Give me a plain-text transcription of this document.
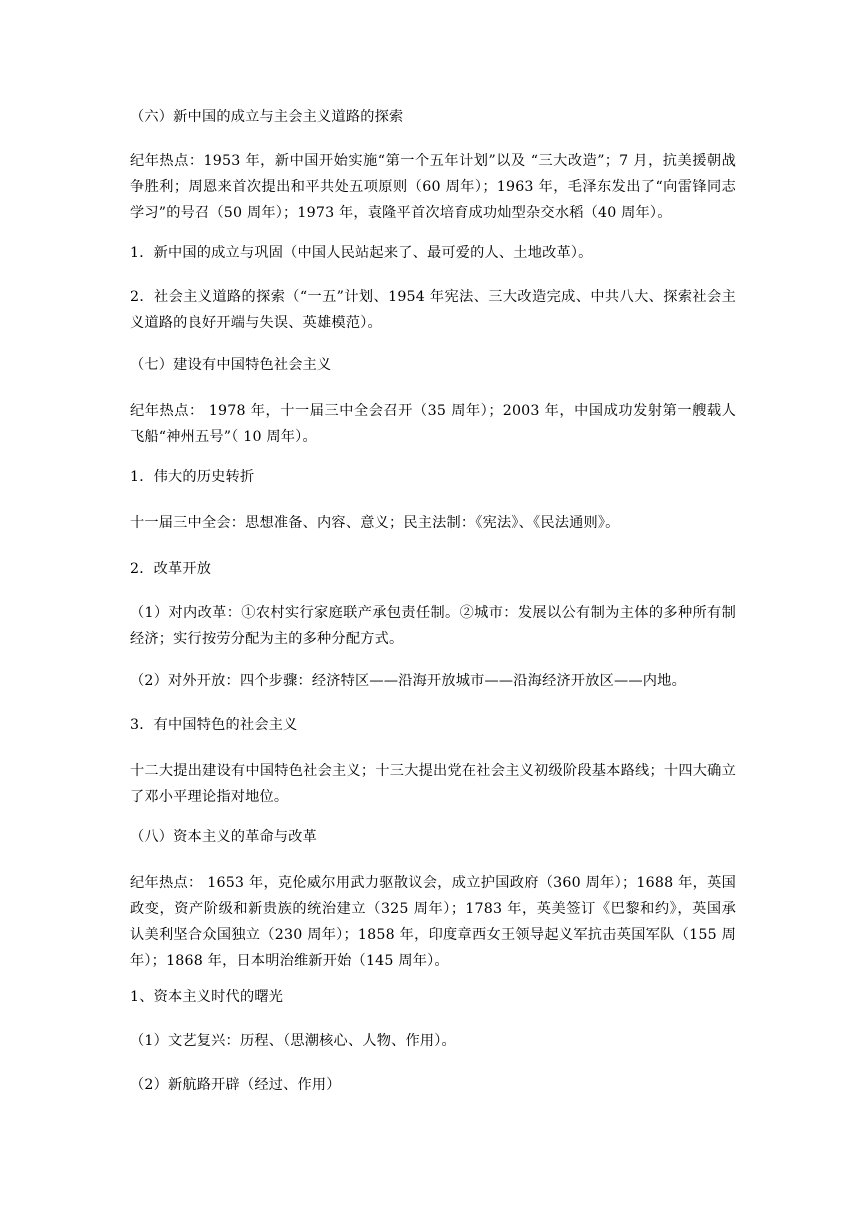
（六）新中国的成立与主会主义道路的探索

纪年热点：1953 年，新中国开始实施“第一个五年计划”以及 “三大改造”；7 月，抗美援朝战争胜利；周恩来首次提出和平共处五项原则（60 周年）；1963 年，毛泽东发出了“向雷锋同志学习”的号召（50 周年）；1973 年，袁隆平首次培育成功灿型杂交水稻（40 周年）。

1．新中国的成立与巩固（中国人民站起来了、最可爱的人、土地改革）。

2．社会主义道路的探索（“一五”计划、1954 年宪法、三大改造完成、中共八大、探索社会主义道路的良好开端与失误、英雄模范）。

（七）建设有中国特色社会主义

纪年热点： 1978 年，十一届三中全会召开（35 周年）；2003 年，中国成功发射第一艘载人飞船“神州五号”（ 10 周年）。

1．伟大的历史转折

十一届三中全会：思想准备、内容、意义；民主法制：《宪法》、《民法通则》。

2．改革开放

（1）对内改革：①农村实行家庭联产承包责任制。②城市：发展以公有制为主体的多种所有制经济；实行按劳分配为主的多种分配方式。

（2）对外开放：四个步骤：经济特区——沿海开放城市——沿海经济开放区——内地。

3．有中国特色的社会主义

十二大提出建设有中国特色社会主义；十三大提出党在社会主义初级阶段基本路线；十四大确立了邓小平理论指对地位。

（八）资本主义的革命与改革

纪年热点： 1653 年，克伦威尔用武力驱散议会，成立护国政府（360 周年）；1688 年，英国政变，资产阶级和新贵族的统治建立（325 周年）；1783 年，英美签订《巴黎和约》，英国承认美利坚合众国独立（230 周年）；1858 年，印度章西女王领导起义军抗击英国军队（155 周年）；1868 年，日本明治维新开始（145 周年）。

1、资本主义时代的曙光

（1）文艺复兴：历程、（思潮核心、人物、作用）。

（2）新航路开辟（经过、作用）
